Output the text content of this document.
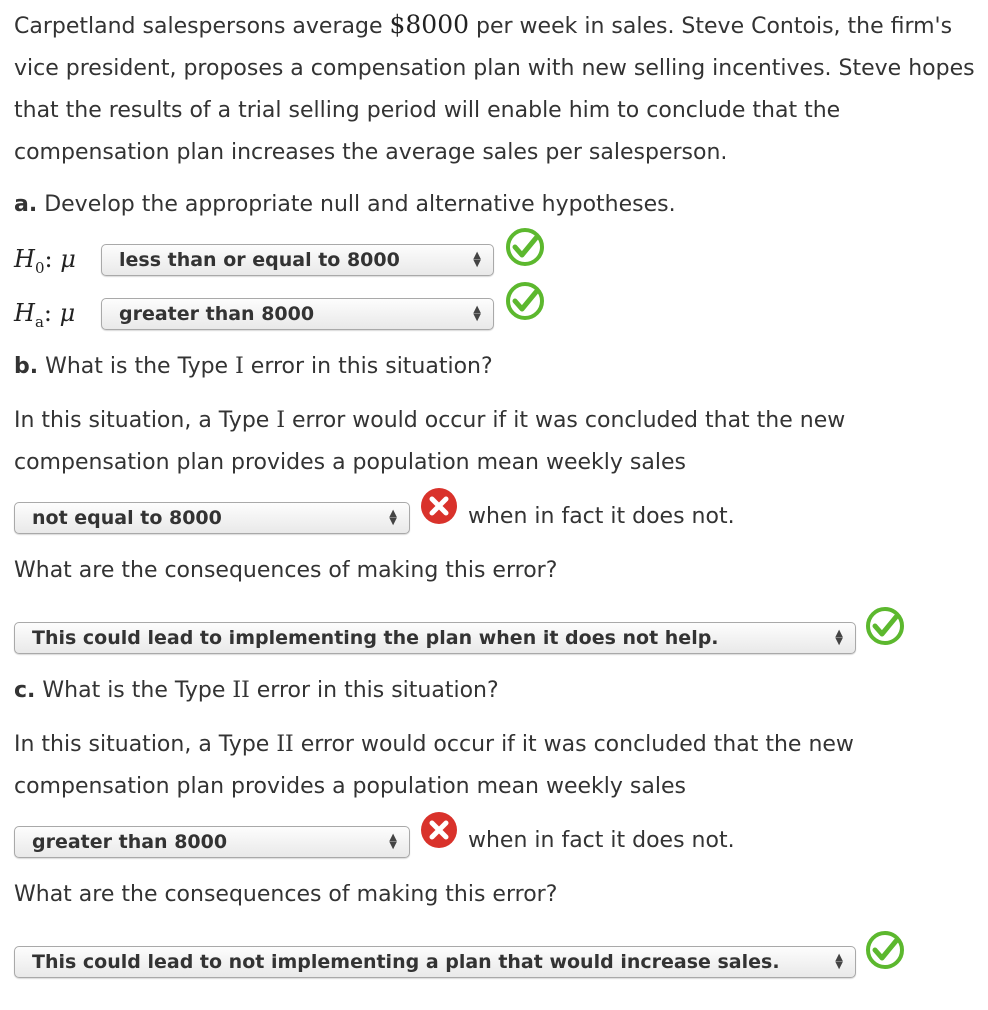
Carpetland salespersons average $8000 per week in sales. Steve Contois, the firm's vice president, proposes a compensation plan with new selling incentives. Steve hopes that the results of a trial selling period will enable him to conclude that the compensation plan increases the average sales per salesperson.

a. Develop the appropriate null and alternative hypotheses.

$H_0$: μ	less than or equal to 8000	▲
▼
$H_a$: μ	greater than 8000	▲
▼

b. What is the Type I error in this situation?

In this situation, a Type I error would occur if it was concluded that the new compensation plan provides a population mean weekly sales

not equal to 8000	▲
▼	when in fact it does not.

What are the consequences of making this error?

This could lead to implementing the plan when it does not help.	▲
▼

c. What is the Type II error in this situation?

In this situation, a Type II error would occur if it was concluded that the new compensation plan provides a population mean weekly sales

greater than 8000	▲
▼	when in fact it does not.

What are the consequences of making this error?

This could lead to not implementing a plan that would increase sales.	▲
▼
